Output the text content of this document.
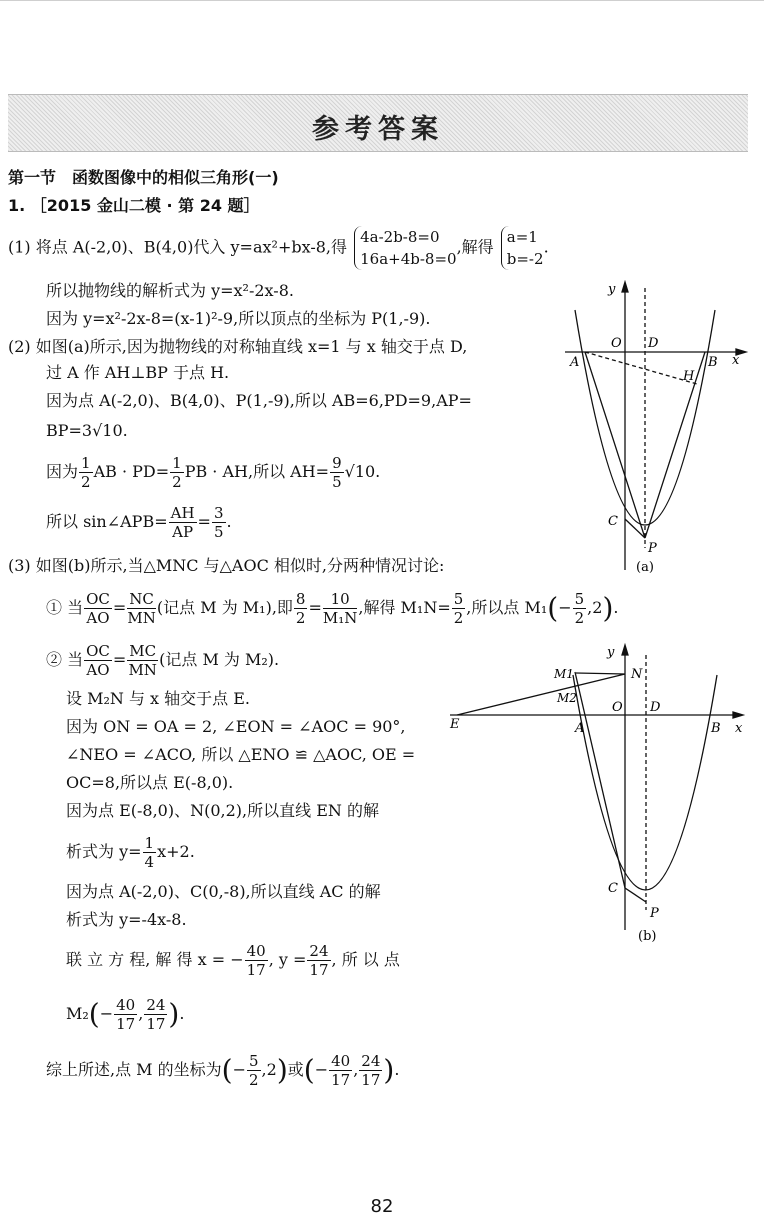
参考答案
第一节　函数图像中的相似三角形(一)
1. ［2015 金山二模 · 第 24 题］
(1) 将点 A(-2,0)、B(4,0)代入 y=ax²+bx-8,得
4a-2b-8=0
16a+4b-8=0
,解得
a=1
b=-2
.
所以抛物线的解析式为 y=x²-2x-8.
因为 y=x²-2x-8=(x-1)²-9,所以顶点的坐标为 P(1,-9).
(2) 如图(a)所示,因为抛物线的对称轴直线 x=1 与 x 轴交于点 D,
过 A 作 AH⊥BP 于点 H.
因为点 A(-2,0)、B(4,0)、P(1,-9),所以 AB=6,PD=9,AP=
BP=3√10.
因为 $\frac{1}{2}$ AB · $PD= \frac{1}{2}$ PB · AH,所以 $AH= \frac{9}{5} √10$.
所以 sin∠APB= $\frac{AH}{AP} = \frac{3}{5}$ .
(3) 如图(b)所示,当△MNC 与△AOC 相似时,分两种情况讨论:
① 当 $\frac{OC}{AO} = \frac{NC}{MN}$ (记点 M 为 M₁),即 $\frac{8}{2} = \frac{10}{\text{M₁N}}$ ,解得 $M_1N= \frac{5}{2}$ ,所以点 $M_1(- \frac{5}{2} ,2)$.
② 当 $\frac{OC}{AO} = \frac{MC}{MN}$ (记点 M 为 M₂).
设 M₂N 与 x 轴交于点 E.
因为 ON = OA = 2, ∠EON = ∠AOC = 90°,
∠NEO = ∠ACO, 所以 △ENO ≌ △AOC, OE =
OC=8,所以点 E(-8,0).
因为点 E(-8,0)、N(0,2),所以直线 EN 的解
析式为 $y= \frac{1}{4} x+2$.
因为点 A(-2,0)、C(0,-8),所以直线 AC 的解
析式为 y=-4x-8.
联 立 方 程, 解 得 x = − $\frac{40}{17}$ , $y = \frac{24}{17}$ , 所 以 点
$M_2(- \frac{40}{17}$ , $\frac{24}{17}$ ).
综上所述,点 M 的坐标为(− $\frac{5}{2} ,2$)或(− $\frac{40}{17}$ , $\frac{24}{17}$ ).
y
x
O D
A	B
H
C
P
(a)
y
x
O D
A	B
E
N
M1
M2
C
P
(b)
82
